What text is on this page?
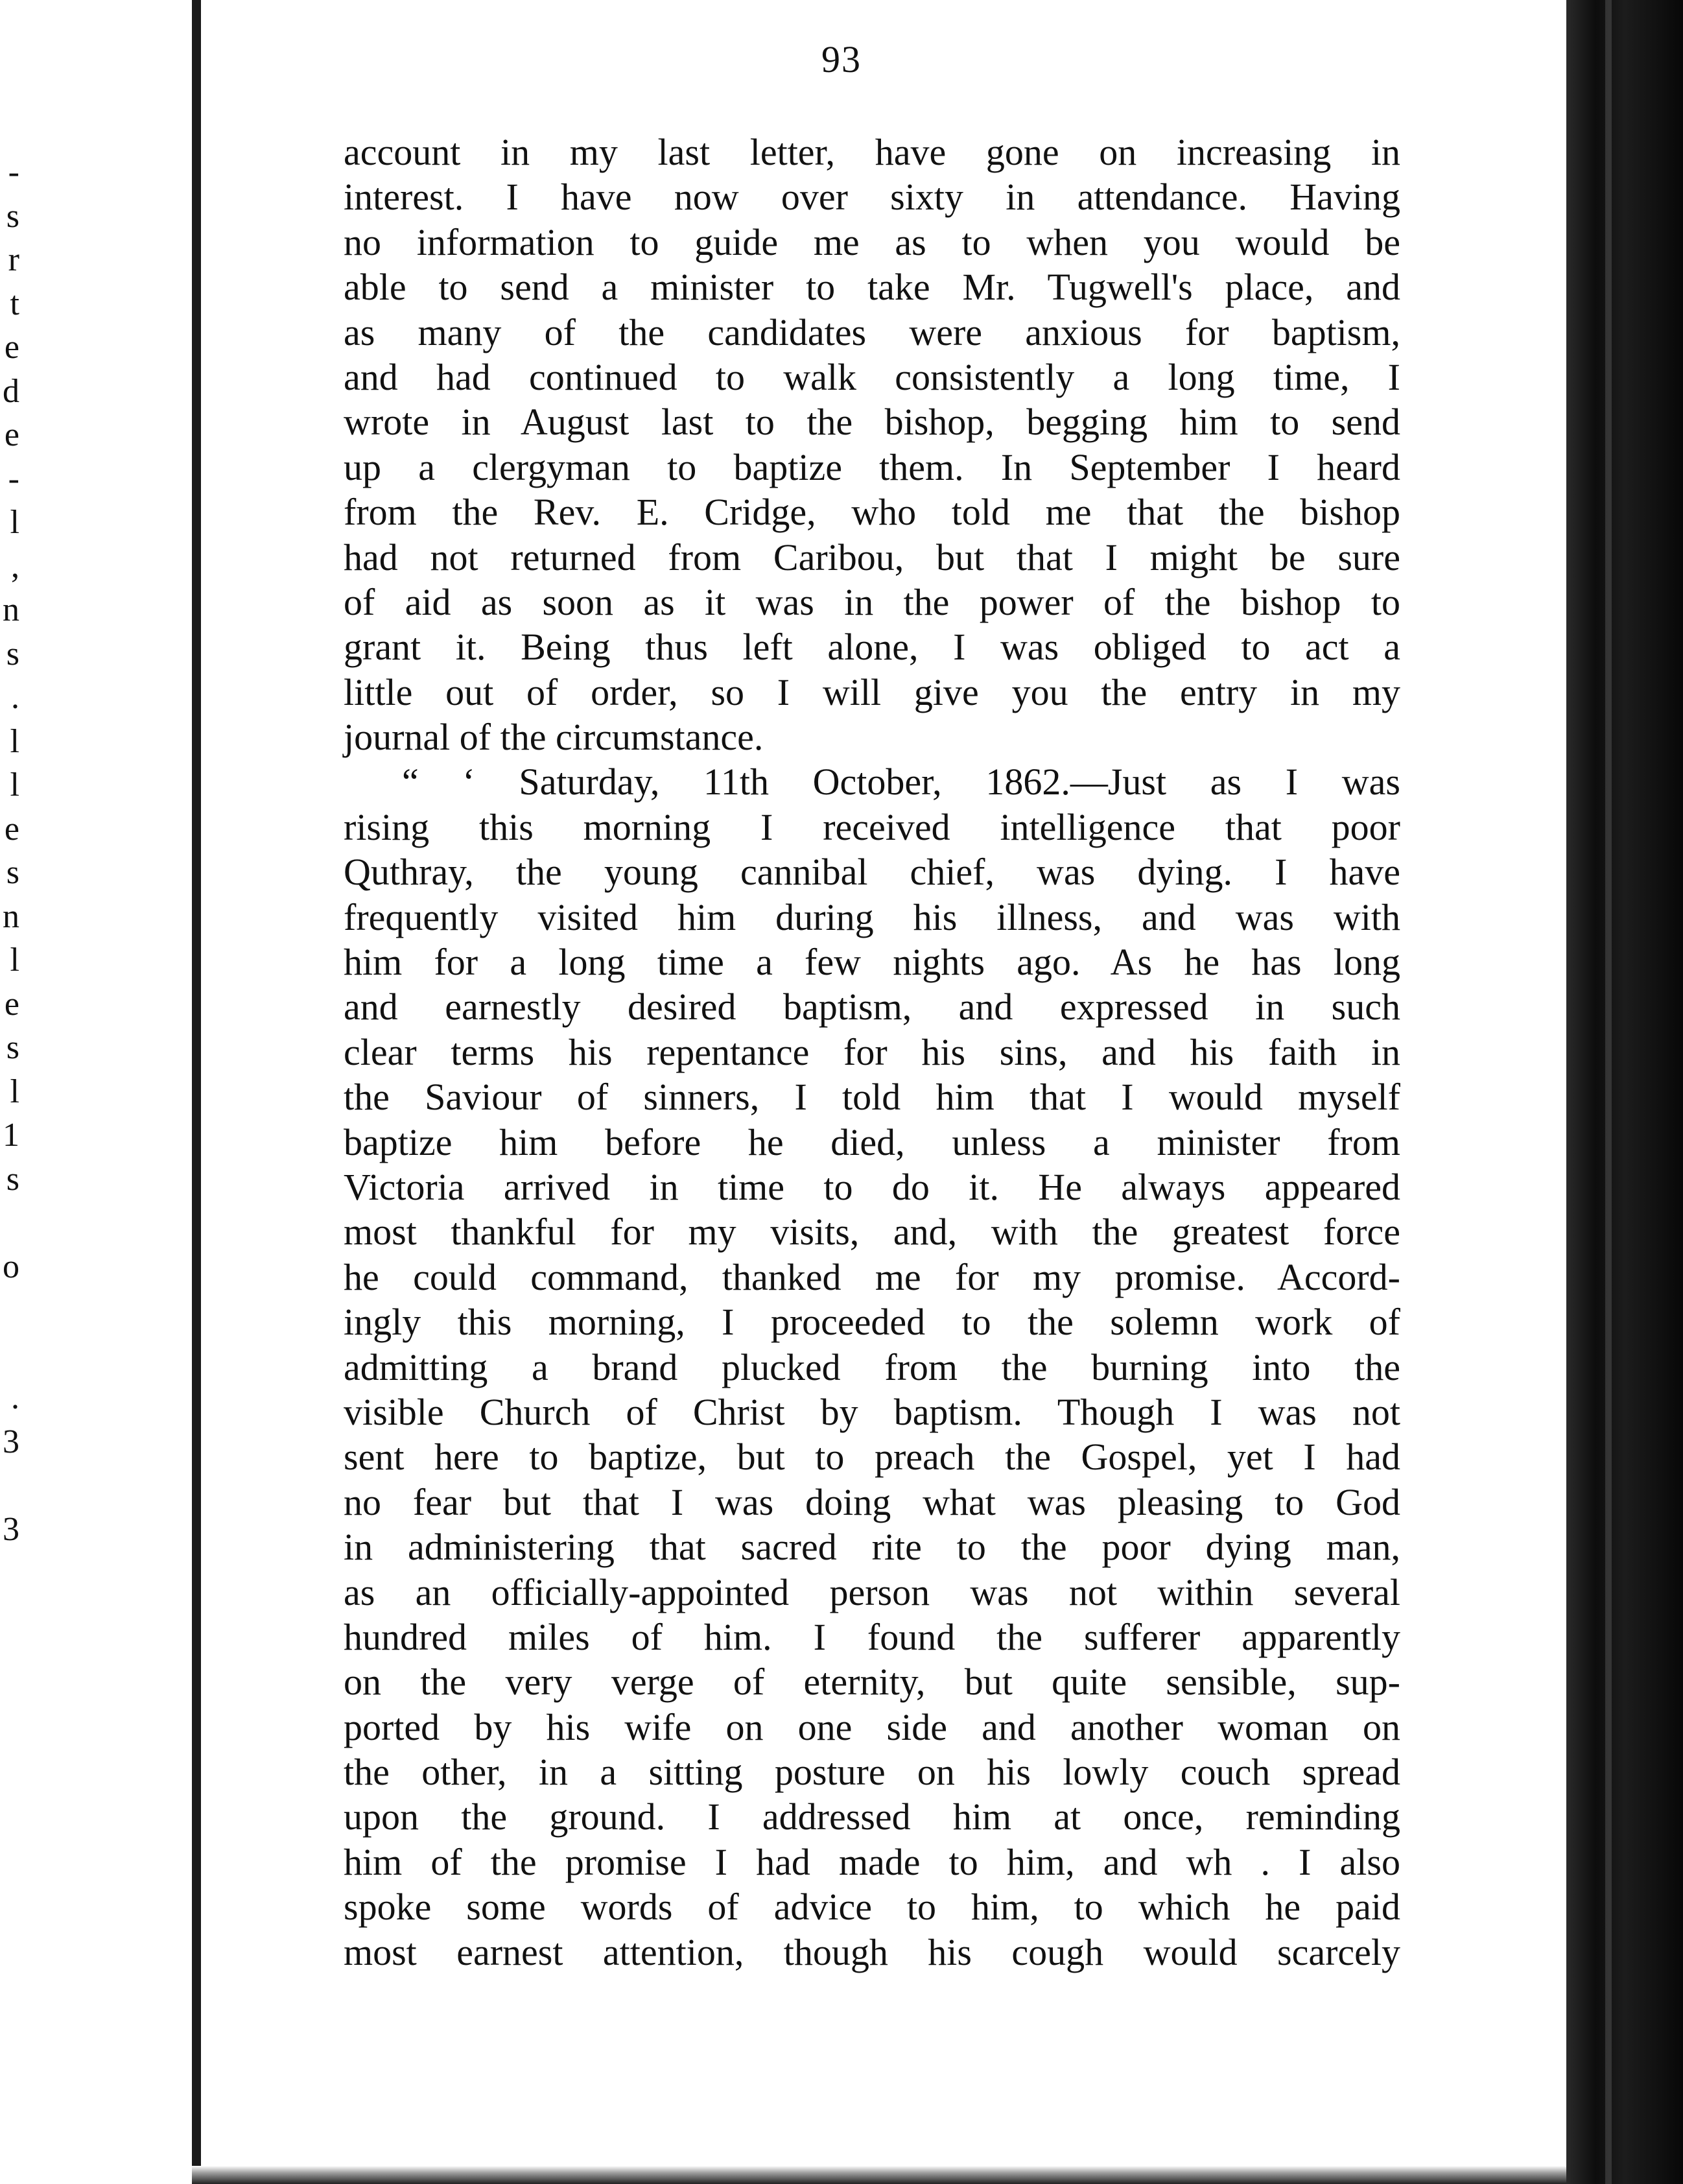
-
s
r
t
e
d
e
-
l
,
n
s
.
l
l
e
s
n
l
e
s
l
1
s
o
.
3
3
93
account in my last letter, have gone on increasing in
interest. I have now over sixty in attendance. Having
no information to guide me as to when you would be
able to send a minister to take Mr. Tugwell's place, and
as many of the candidates were anxious for baptism,
and had continued to walk consistently a long time, I
wrote in August last to the bishop, begging him to send
up a clergyman to baptize them. In September I heard
from the Rev. E. Cridge, who told me that the bishop
had not returned from Caribou, but that I might be sure
of aid as soon as it was in the power of the bishop to
grant it. Being thus left alone, I was obliged to act a
little out of order, so I will give you the entry in my
journal of the circumstance.
“ ‘ Saturday, 11th October, 1862.—Just as I was
rising this morning I received intelligence that poor
Quthray, the young cannibal chief, was dying. I have
frequently visited him during his illness, and was with
him for a long time a few nights ago. As he has long
and earnestly desired baptism, and expressed in such
clear terms his repentance for his sins, and his faith in
the Saviour of sinners, I told him that I would myself
baptize him before he died, unless a minister from
Victoria arrived in time to do it. He always appeared
most thankful for my visits, and, with the greatest force
he could command, thanked me for my promise. Accord-
ingly this morning, I proceeded to the solemn work of
admitting a brand plucked from the burning into the
visible Church of Christ by baptism. Though I was not
sent here to baptize, but to preach the Gospel, yet I had
no fear but that I was doing what was pleasing to God
in administering that sacred rite to the poor dying man,
as an officially-appointed person was not within several
hundred miles of him. I found the sufferer apparently
on the very verge of eternity, but quite sensible, sup-
ported by his wife on one side and another woman on
the other, in a sitting posture on his lowly couch spread
upon the ground. I addressed him at once, reminding
him of the promise I had made to him, and wh . I also
spoke some words of advice to him, to which he paid
most earnest attention, though his cough would scarcely
